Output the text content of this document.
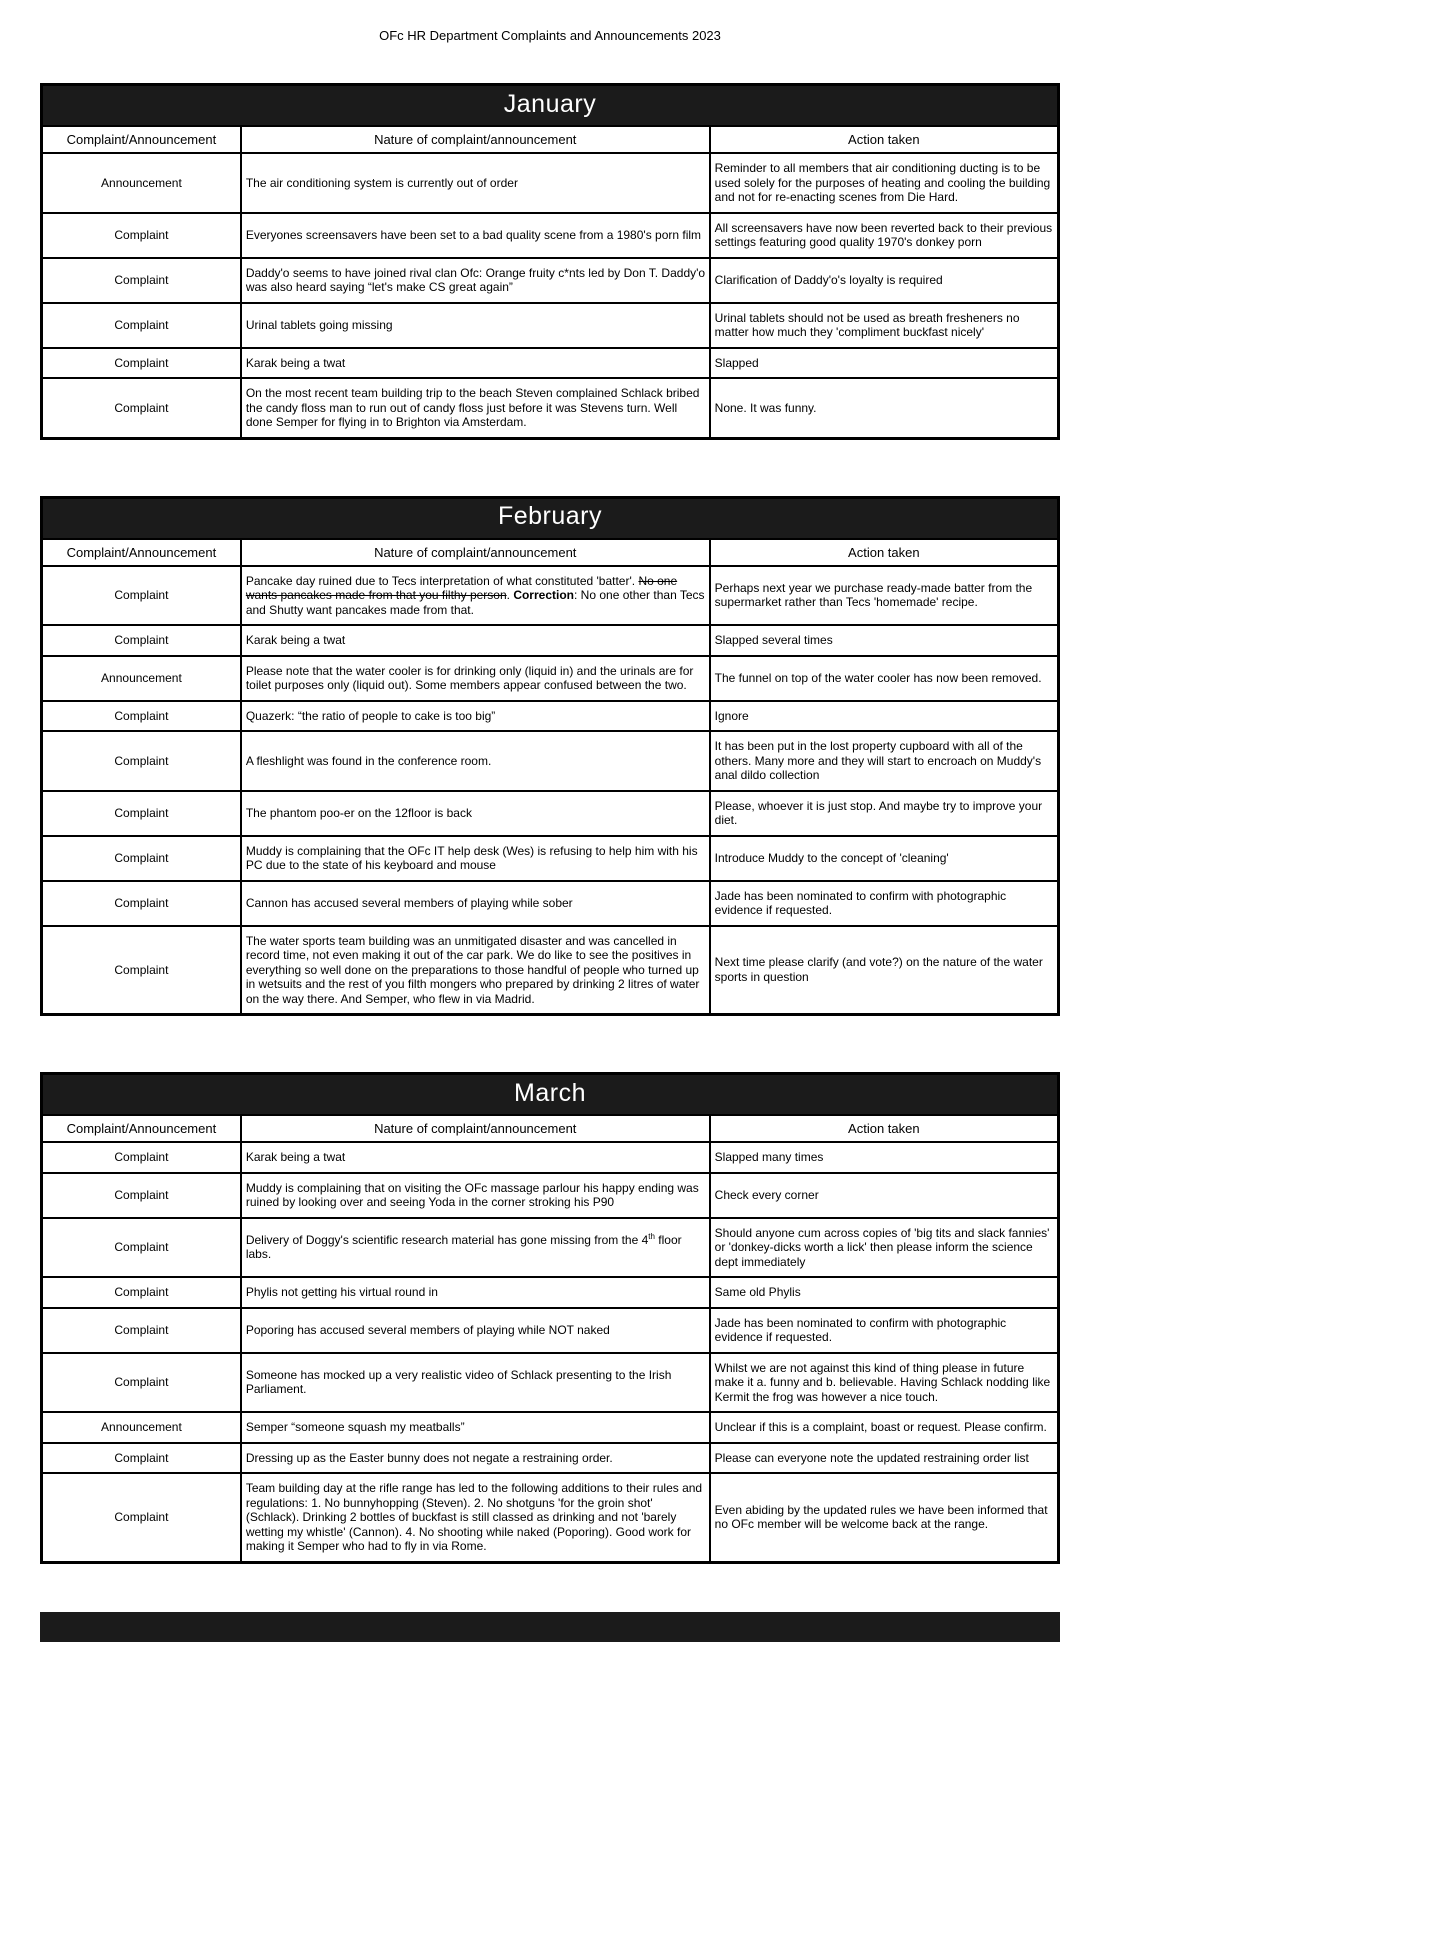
OFc HR Department Complaints and Announcements 2023
January		
Complaint/Announcement	Nature of complaint/announcement	Action taken
Announcement	The air conditioning system is currently out of order	Reminder to all members that air conditioning ducting is to be used solely for the purposes of heating and cooling the building and not for re-enacting scenes from Die Hard.
Complaint	Everyones screensavers have been set to a bad quality scene from a 1980's porn film	All screensavers have now been reverted back to their previous settings featuring good quality 1970's donkey porn
Complaint	Daddy'o seems to have joined rival clan Ofc: Orange fruity c*nts led by Don T. Daddy'o was also heard saying “let's make CS great again”	Clarification of Daddy'o's loyalty is required
Complaint	Urinal tablets going missing	Urinal tablets should not be used as breath fresheners no matter how much they 'compliment buckfast nicely'
Complaint	Karak being a twat	Slapped
Complaint	On the most recent team building trip to the beach Steven complained Schlack bribed the candy floss man to run out of candy floss just before it was Stevens turn. Well done Semper for flying in to Brighton via Amsterdam.	None. It was funny.
February		
Complaint/Announcement	Nature of complaint/announcement	Action taken
Complaint	Pancake day ruined due to Tecs interpretation of what constituted 'batter'. No one wants pancakes made from that you filthy person. Correction: No one other than Tecs and Shutty want pancakes made from that.	Perhaps next year we purchase ready-made batter from the supermarket rather than Tecs 'homemade' recipe.
Complaint	Karak being a twat	Slapped several times
Announcement	Please note that the water cooler is for drinking only (liquid in) and the urinals are for toilet purposes only (liquid out). Some members appear confused between the two.	The funnel on top of the water cooler has now been removed.
Complaint	Quazerk: “the ratio of people to cake is too big”	Ignore
Complaint	A fleshlight was found in the conference room.	It has been put in the lost property cupboard with all of the others. Many more and they will start to encroach on Muddy's anal dildo collection
Complaint	The phantom poo-er on the 12floor is back	Please, whoever it is just stop. And maybe try to improve your diet.
Complaint	Muddy is complaining that the OFc IT help desk (Wes) is refusing to help him with his PC due to the state of his keyboard and mouse	Introduce Muddy to the concept of 'cleaning'
Complaint	Cannon has accused several members of playing while sober	Jade has been nominated to confirm with photographic evidence if requested.
Complaint	The water sports team building was an unmitigated disaster and was cancelled in record time, not even making it out of the car park. We do like to see the positives in everything so well done on the preparations to those handful of people who turned up in wetsuits and the rest of you filth mongers who prepared by drinking 2 litres of water on the way there. And Semper, who flew in via Madrid.	Next time please clarify (and vote?) on the nature of the water sports in question
March		
Complaint/Announcement	Nature of complaint/announcement	Action taken
Complaint	Karak being a twat	Slapped many times
Complaint	Muddy is complaining that on visiting the OFc massage parlour his happy ending was ruined by looking over and seeing Yoda in the corner stroking his P90	Check every corner
Complaint	Delivery of Doggy's scientific research material has gone missing from the 4th floor labs.	Should anyone cum across copies of 'big tits and slack fannies' or 'donkey-dicks worth a lick' then please inform the science dept immediately
Complaint	Phylis not getting his virtual round in	Same old Phylis
Complaint	Poporing has accused several members of playing while NOT naked	Jade has been nominated to confirm with photographic evidence if requested.
Complaint	Someone has mocked up a very realistic video of Schlack presenting to the Irish Parliament.	Whilst we are not against this kind of thing please in future make it a. funny and b. believable. Having Schlack nodding like Kermit the frog was however a nice touch.
Announcement	Semper “someone squash my meatballs”	Unclear if this is a complaint, boast or request. Please confirm.
Complaint	Dressing up as the Easter bunny does not negate a restraining order.	Please can everyone note the updated restraining order list
Complaint	Team building day at the rifle range has led to the following additions to their rules and regulations: 1. No bunnyhopping (Steven). 2. No shotguns 'for the groin shot' (Schlack). Drinking 2 bottles of buckfast is still classed as drinking and not 'barely wetting my whistle' (Cannon). 4. No shooting while naked (Poporing). Good work for making it Semper who had to fly in via Rome.	Even abiding by the updated rules we have been informed that no OFc member will be welcome back at the range.
